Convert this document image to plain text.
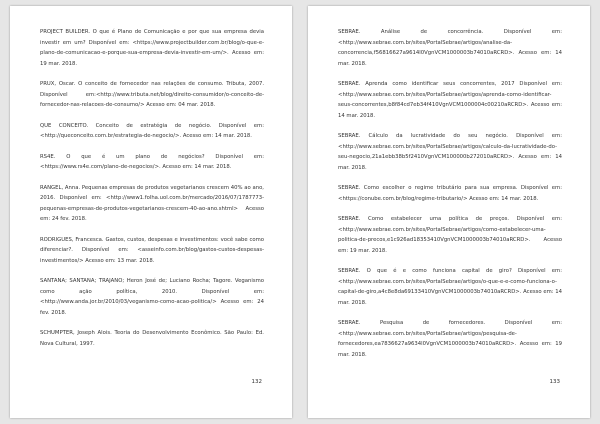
PROJECT BUILDER. O que é Plano de Comunicação e por que sua empresa devia investir em um? Disponível em: <https://www.projectbuilder.com.br/blog/o-que-e-plano-de-comunicacao-e-porque-sua-empresa-devia-investir-em-um/>. Acesso em: 19 mar. 2018.

PRUX, Oscar. O conceito de fornecedor nas relações de consumo. Tributa, 2007. Disponível em:<http://www.tributa.net/blog/direito-consumidor/o-conceito-de-fornecedor-nas-relacoes-de-consumo/> Acesso em: 04 mar. 2018.

QUE CONCEITO. Conceito de estratégia de negócio. Disponível em: <http://queconceito.com.br/estrategia-de-negocio/>. Acesso em: 14 mar. 2018.

RS4E. O que é um plano de negócios? Disponível em: <https://www.rs4e.com/plano-de-negocios/>. Acesso em: 14 mar. 2018.

RANGEL, Anna. Pequenas empresas de produtos vegetarianos crescem 40% ao ano, 2016. Disponível em: <http://www1.folha.uol.com.br/mercado/2016/07/1787773-pequenas-empresas-de-produtos-vegetarianos-crescem-40-ao-ano.shtml> Acesso em: 24 fev. 2018.

RODRIGUES, Francesca. Gastos, custos, despesas e investimentos: você sabe como diferenciar?. Disponível em: <asseinfo.com.br/blog/gastos-custos-despesas-investimentos/> Acesso em: 13 mar. 2018.

SANTANA; SANTANA; TRAJANO; Heron José de; Luciano Rocha; Tagore. Veganismo como ação política, 2010. Disponível em: <http://www.anda.jor.br/2010/03/veganismo-como-acao-politica/> Acesso em: 24 fev. 2018.

SCHUMPTER, Joseph Alois. Teoria do Desenvolvimento Econômico. São Paulo: Ed. Nova Cultural, 1997.

132

SEBRAE. Análise de concorrência. Disponível em: <http://www.sebrae.com.br/sites/PortalSebrae/artigos/analise-da-concorrencia,f56816627a9614l0VgnVCM1000003b74010aRCRD>. Acesso em: 14 mar. 2018.

SEBRAE. Aprenda como identificar seus concorrentes, 2017 Disponível em: <http://www.sebrae.com.br/sites/PortalSebrae/artigos/aprenda-como-identificar-seus-concorrentes,b8f84cd7eb34f410VgnVCM1000004c00210aRCRD>. Acesso em: 14 mar. 2018.

SEBRAE. Cálculo da lucratividade do seu negócio. Disponível em: <http://www.sebrae.com.br/sites/PortalSebrae/artigos/calculo-da-lucratividade-do-seu-negocio,21a1ebb38b5f2410VgnVCM100000b272010aRCRD>. Acesso em: 14 mar. 2018.

SEBRAE. Como escolher o regime tributário para sua empresa. Disponível em: <https://conube.com.br/blog/regime-tributario/> Acesso em: 14 mar. 2018.

SEBRAE. Como estabelecer uma política de preços. Disponível em: <http://www.sebrae.com.br/sites/PortalSebrae/artigos/como-estabelecer-uma-politica-de-precos,e1c926ad18353410VgnVCM1000003b74010aRCRD>. Acesso em: 19 mar. 2018.

SEBRAE. O que é e como funciona capital de giro? Disponível em: <http://www.sebrae.com.br/sites/PortalSebrae/artigos/o-que-e-e-como-funciona-o-capital-de-giro,a4c8e8da69133410VgnVCM1000003b74010aRCRD>. Acesso em: 14 mar. 2018.

SEBRAE. Pesquisa de fornecedores. Disponível em: <http://www.sebrae.com.br/sites/PortalSebrae/artigos/pesquisa-de-fornecedores,ea7836627a9634l0VgnVCM1000003b74010aRCRD>. Acesso em: 19 mar. 2018.

133
